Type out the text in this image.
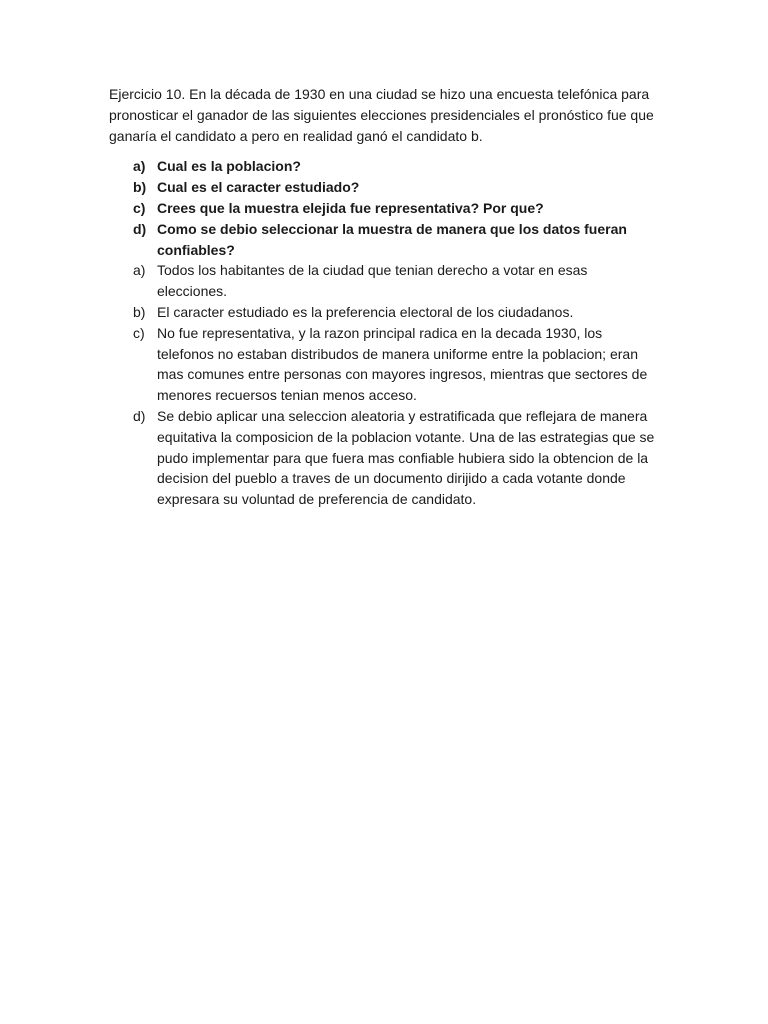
Ejercicio 10. En la década de 1930 en una ciudad se hizo una encuesta telefónica para pronosticar el ganador de las siguientes elecciones presidenciales el pronóstico fue que ganaría el candidato a pero en realidad ganó el candidato b.

a) Cual es la poblacion?
b) Cual es el caracter estudiado?
c) Crees que la muestra elejida fue representativa? Por que?
d) Como se debio seleccionar la muestra de manera que los datos fueran confiables?
a) Todos los habitantes de la ciudad que tenian derecho a votar en esas elecciones.
b) El caracter estudiado es la preferencia electoral de los ciudadanos.
c) No fue representativa, y la razon principal radica en la decada 1930, los telefonos no estaban distribudos de manera uniforme entre la poblacion; eran mas comunes entre personas con mayores ingresos, mientras que sectores de menores recuersos tenian menos acceso.
d) Se debio aplicar una seleccion aleatoria y estratificada que reflejara de manera equitativa la composicion de la poblacion votante. Una de las estrategias que se pudo implementar para que fuera mas confiable hubiera sido la obtencion de la decision del pueblo a traves de un documento dirijido a cada votante donde expresara su voluntad de preferencia de candidato.
